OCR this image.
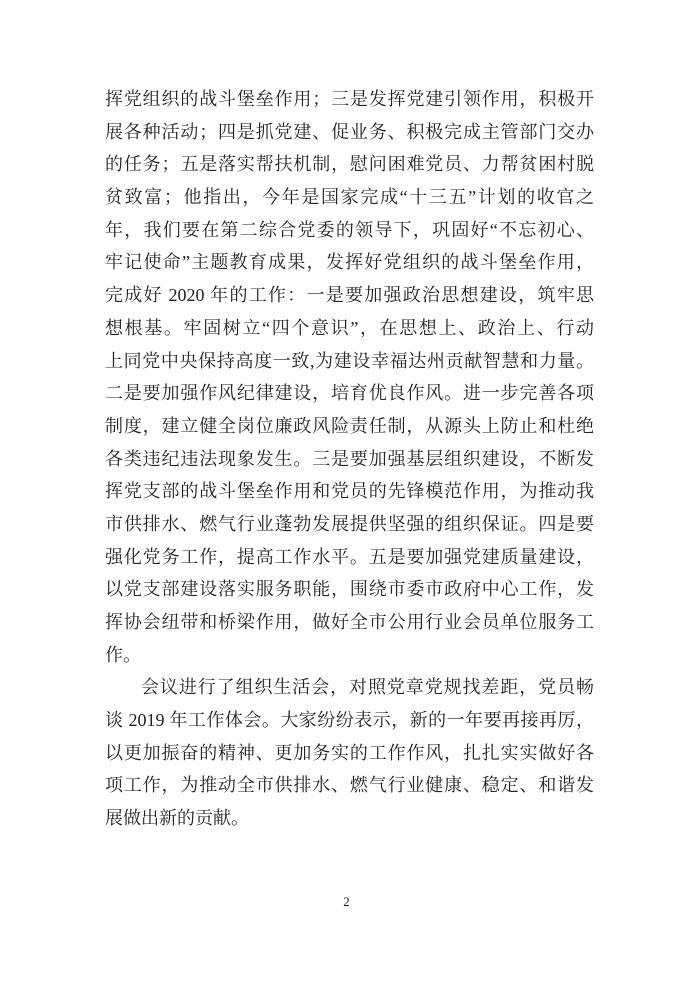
挥党组织的战斗堡垒作用；三是发挥党建引领作用，积极开
展各种活动；四是抓党建、促业务、积极完成主管部门交办
的任务；五是落实帮扶机制，慰问困难党员、力帮贫困村脱
贫致富；他指出，今年是国家完成“十三五”计划的收官之
年，我们要在第二综合党委的领导下，巩固好“不忘初心、
牢记使命”主题教育成果，发挥好党组织的战斗堡垒作用，
完成好 2020 年的工作：一是要加强政治思想建设，筑牢思
想根基。牢固树立“四个意识”，在思想上、政治上、行动
上同党中央保持高度一致,为建设幸福达州贡献智慧和力量。
二是要加强作风纪律建设，培育优良作风。进一步完善各项
制度，建立健全岗位廉政风险责任制，从源头上防止和杜绝
各类违纪违法现象发生。三是要加强基层组织建设，不断发
挥党支部的战斗堡垒作用和党员的先锋模范作用，为推动我
市供排水、燃气行业蓬勃发展提供坚强的组织保证。四是要
强化党务工作，提高工作水平。五是要加强党建质量建设，
以党支部建设落实服务职能，围绕市委市政府中心工作，发
挥协会纽带和桥梁作用，做好全市公用行业会员单位服务工
作。
会议进行了组织生活会，对照党章党规找差距，党员畅
谈 2019 年工作体会。大家纷纷表示，新的一年要再接再厉，
以更加振奋的精神、更加务实的工作作风，扎扎实实做好各
项工作，为推动全市供排水、燃气行业健康、稳定、和谐发
展做出新的贡献。
2
